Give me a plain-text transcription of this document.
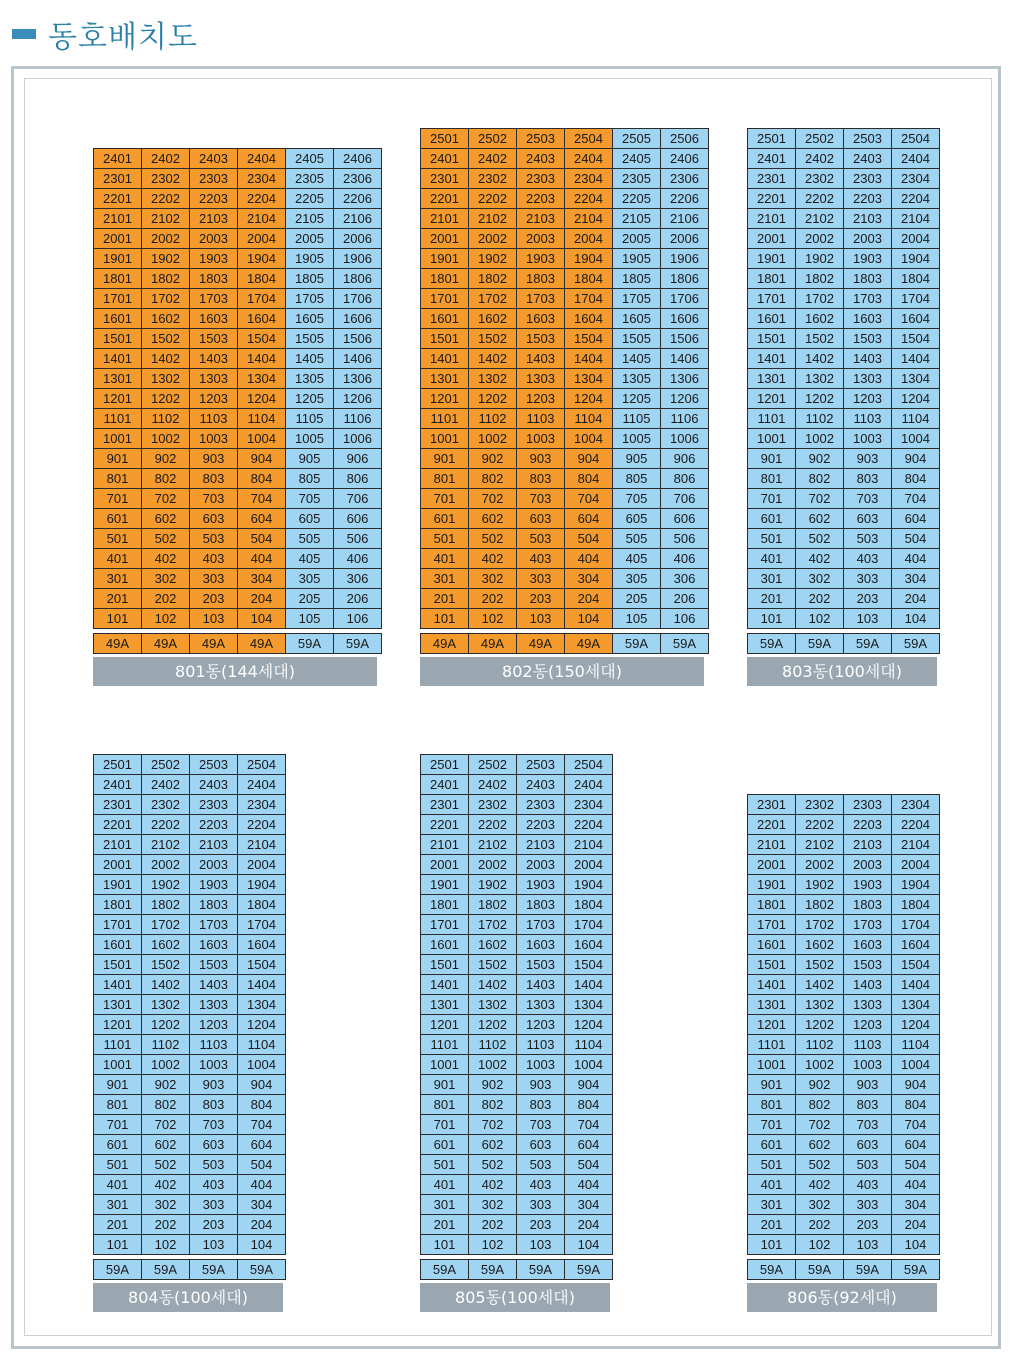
동호배치도
2401	2402	2403	2404	2405	2406
2301	2302	2303	2304	2305	2306
2201	2202	2203	2204	2205	2206
2101	2102	2103	2104	2105	2106
2001	2002	2003	2004	2005	2006
1901	1902	1903	1904	1905	1906
1801	1802	1803	1804	1805	1806
1701	1702	1703	1704	1705	1706
1601	1602	1603	1604	1605	1606
1501	1502	1503	1504	1505	1506
1401	1402	1403	1404	1405	1406
1301	1302	1303	1304	1305	1306
1201	1202	1203	1204	1205	1206
1101	1102	1103	1104	1105	1106
1001	1002	1003	1004	1005	1006
901	902	903	904	905	906
801	802	803	804	805	806
701	702	703	704	705	706
601	602	603	604	605	606
501	502	503	504	505	506
401	402	403	404	405	406
301	302	303	304	305	306
201	202	203	204	205	206
101	102	103	104	105	106
49A	49A	49A	49A	59A	59A
801동(144세대)
2501	2502	2503	2504	2505	2506
2401	2402	2403	2404	2405	2406
2301	2302	2303	2304	2305	2306
2201	2202	2203	2204	2205	2206
2101	2102	2103	2104	2105	2106
2001	2002	2003	2004	2005	2006
1901	1902	1903	1904	1905	1906
1801	1802	1803	1804	1805	1806
1701	1702	1703	1704	1705	1706
1601	1602	1603	1604	1605	1606
1501	1502	1503	1504	1505	1506
1401	1402	1403	1404	1405	1406
1301	1302	1303	1304	1305	1306
1201	1202	1203	1204	1205	1206
1101	1102	1103	1104	1105	1106
1001	1002	1003	1004	1005	1006
901	902	903	904	905	906
801	802	803	804	805	806
701	702	703	704	705	706
601	602	603	604	605	606
501	502	503	504	505	506
401	402	403	404	405	406
301	302	303	304	305	306
201	202	203	204	205	206
101	102	103	104	105	106
49A	49A	49A	49A	59A	59A
802동(150세대)
2501	2502	2503	2504
2401	2402	2403	2404
2301	2302	2303	2304
2201	2202	2203	2204
2101	2102	2103	2104
2001	2002	2003	2004
1901	1902	1903	1904
1801	1802	1803	1804
1701	1702	1703	1704
1601	1602	1603	1604
1501	1502	1503	1504
1401	1402	1403	1404
1301	1302	1303	1304
1201	1202	1203	1204
1101	1102	1103	1104
1001	1002	1003	1004
901	902	903	904
801	802	803	804
701	702	703	704
601	602	603	604
501	502	503	504
401	402	403	404
301	302	303	304
201	202	203	204
101	102	103	104
59A	59A	59A	59A
803동(100세대)
2501	2502	2503	2504
2401	2402	2403	2404
2301	2302	2303	2304
2201	2202	2203	2204
2101	2102	2103	2104
2001	2002	2003	2004
1901	1902	1903	1904
1801	1802	1803	1804
1701	1702	1703	1704
1601	1602	1603	1604
1501	1502	1503	1504
1401	1402	1403	1404
1301	1302	1303	1304
1201	1202	1203	1204
1101	1102	1103	1104
1001	1002	1003	1004
901	902	903	904
801	802	803	804
701	702	703	704
601	602	603	604
501	502	503	504
401	402	403	404
301	302	303	304
201	202	203	204
101	102	103	104
59A	59A	59A	59A
804동(100세대)
2501	2502	2503	2504
2401	2402	2403	2404
2301	2302	2303	2304
2201	2202	2203	2204
2101	2102	2103	2104
2001	2002	2003	2004
1901	1902	1903	1904
1801	1802	1803	1804
1701	1702	1703	1704
1601	1602	1603	1604
1501	1502	1503	1504
1401	1402	1403	1404
1301	1302	1303	1304
1201	1202	1203	1204
1101	1102	1103	1104
1001	1002	1003	1004
901	902	903	904
801	802	803	804
701	702	703	704
601	602	603	604
501	502	503	504
401	402	403	404
301	302	303	304
201	202	203	204
101	102	103	104
59A	59A	59A	59A
805동(100세대)
2301	2302	2303	2304
2201	2202	2203	2204
2101	2102	2103	2104
2001	2002	2003	2004
1901	1902	1903	1904
1801	1802	1803	1804
1701	1702	1703	1704
1601	1602	1603	1604
1501	1502	1503	1504
1401	1402	1403	1404
1301	1302	1303	1304
1201	1202	1203	1204
1101	1102	1103	1104
1001	1002	1003	1004
901	902	903	904
801	802	803	804
701	702	703	704
601	602	603	604
501	502	503	504
401	402	403	404
301	302	303	304
201	202	203	204
101	102	103	104
59A	59A	59A	59A
806동(92세대)
